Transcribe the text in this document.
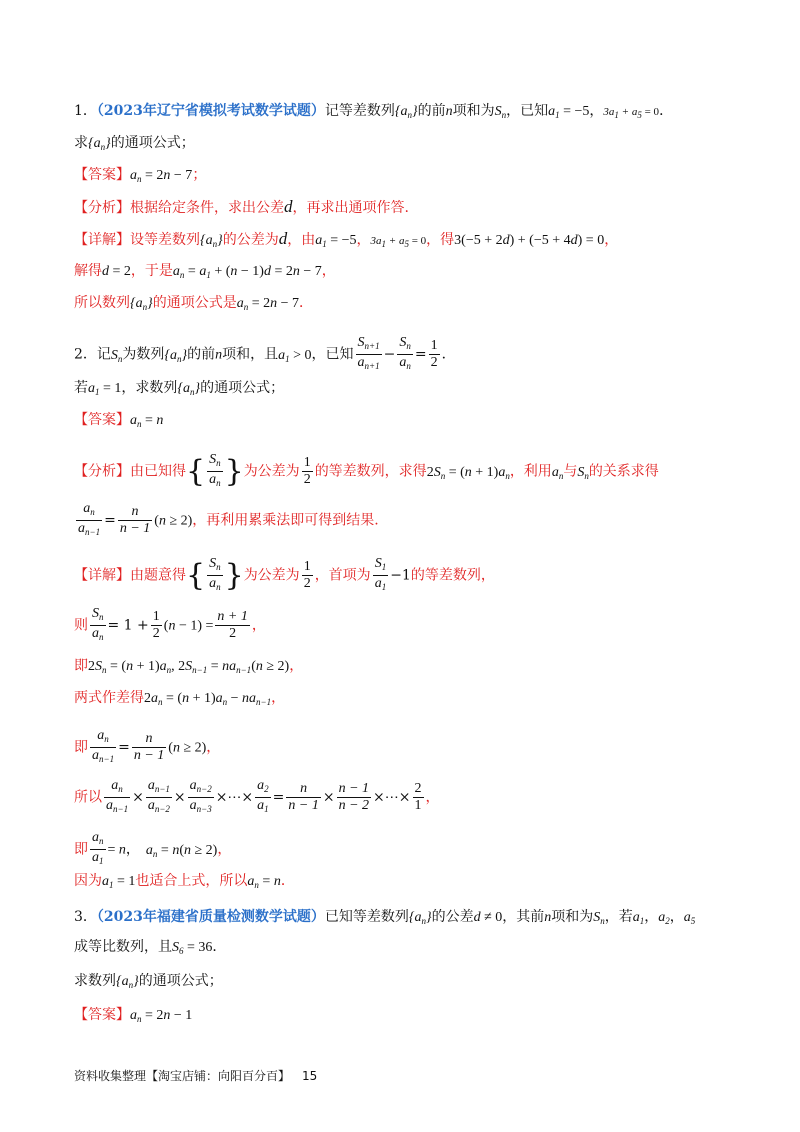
1．（2023年辽宁省模拟考试数学试题）记等差数列$\{a_n\}$的前n项和为$S_n$，已知$a_1 = -5$，$3a_1 + a_5 = 0$．
求$\{a_n\}$的通项公式；
【答案】$a_n = 2n - 7$；
【分析】根据给定条件，求出公差d，再求出通项作答.
【详解】设等差数列$\{a_n\}$的公差为d，由$a_1 = -5$，$3a_1 + a_5 = 0$，得3(−5 + 2d) + (−5 + 4d) = 0，
解得d = 2，于是$a_n = a_1 + (n - 1)d = 2n - 7$，
所以数列$\{a_n\}$的通项公式是$a_n = 2n - 7$．
2．记$S_n$为数列$\{a_n\}$的前n项和，且$a_1 > 0$，已知 $\frac{S_{n+1}}{a_{n+1}} - \frac{S_n}{a_n} = \frac{1}{2}$ ．
若$a_1 = 1$，求数列$\{a_n\}$的通项公式；
【答案】$a_n = n$
【分析】由已知得{ $\frac{S_n}{a_n}$ }为公差为 $\frac{1}{2}$ 的等差数列，求得$2S_n = (n + 1)a_n$，利用$a_n$与$S_n$的关系求得
$\frac{a_n}{a_{n-1}} = \frac{n}{n - 1} (n \ge 2)$，再利用累乘法即可得到结果.
【详解】由题意得{ $\frac{S_n}{a_n}$ }为公差为 $\frac{1}{2}$ ，首项为 $\frac{S_1}{a_1} -1$的等差数列，
则 $\frac{S_n}{a_n} = 1 + \frac{1}{2} (n - 1) = \frac{n + 1}{2}$ ，
即$2S_n = (n + 1)a_n$, $2S_{n-1} = na_{n-1}(n \ge 2)$，
两式作差得$2a_n = (n + 1)a_n - na_{n-1}$，
即 $\frac{a_n}{a_{n-1}} = \frac{n}{n - 1} (n \ge 2)$，
所以 $\frac{a_n}{a_{n-1}} \times \frac{a_{n-1}}{a_{n-2}} \times \frac{a_{n-2}}{a_{n-3}}$ ×⋯× $\frac{a_2}{a_1} = \frac{n}{n - 1} \times \frac{n - 1}{n - 2}$ ×⋯× $\frac{2}{1}$ ，
即 $\frac{a_n}{a_1} = n$， $a_n = n(n \ge 2)$，
因为$a_1 = 1$也适合上式，所以$a_n = n$．
3．（2023年福建省质量检测数学试题）已知等差数列$\{a_n\}$的公差d ≠ 0，其前n项和为$S_n$，若$a_1$，$a_2$，$a_5$
成等比数列，且$S_6 = 36$．
求数列$\{a_n\}$的通项公式；
【答案】$a_n = 2n - 1$
资料收集整理【淘宝店铺：向阳百分百】 15
